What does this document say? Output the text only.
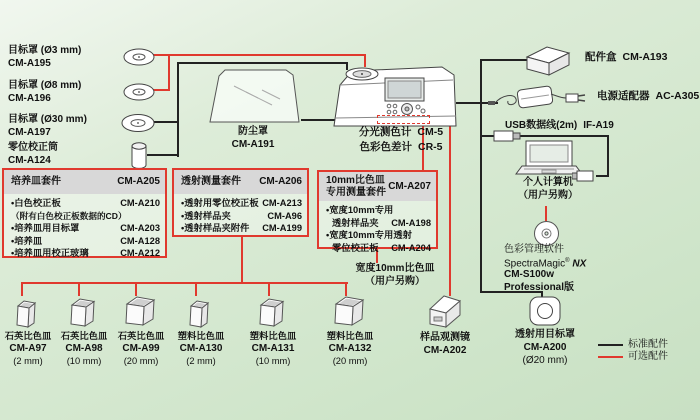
目标罩 (Ø3 mm)
CM-A195
目标罩 (Ø8 mm)
CM-A196
目标罩 (Ø30 mm)
CM-A197
零位校正筒
CM-A124
防尘罩
CM-A191
分光测色计 CM-5
色彩色差计 CR-5
配件盒 CM-A193
电源适配器 AC-A305
USB数据线(2m) IF-A19
个人计算机
（用户另购）
色彩管理软件
SpectraMagic® NX
CM-S100w
Professional版
培养皿套件	CM-A205
•白色校正板	CM-A210
（附有白色校正板数据的CD）
•培养皿用目标罩	CM-A203
•培养皿	CM-A128
•培养皿用校正玻璃	CM-A212
透射测量套件 CM-A206
•透射用零位校正板 CM-A213
•透射样品夹	CM-A96
•透射样品夹附件 CM-A199
10mm比色皿
专用测量套件
CM-A207
•宽度10mm专用
透射样品夹 CM-A198
•宽度10mm专用透射
零位校正板 CM-A204
宽度10mm比色皿
（用户另购）
石英比色皿
CM-A97
(2 mm)
石英比色皿
CM-A98
(10 mm)
石英比色皿
CM-A99
(20 mm)
塑料比色皿
CM-A130
(2 mm)
塑料比色皿
CM-A131
(10 mm)
塑料比色皿
CM-A132
(20 mm)
样品观测镜
CM-A202
透射用目标罩
CM-A200
(Ø20 mm)
标准配件
可选配件
